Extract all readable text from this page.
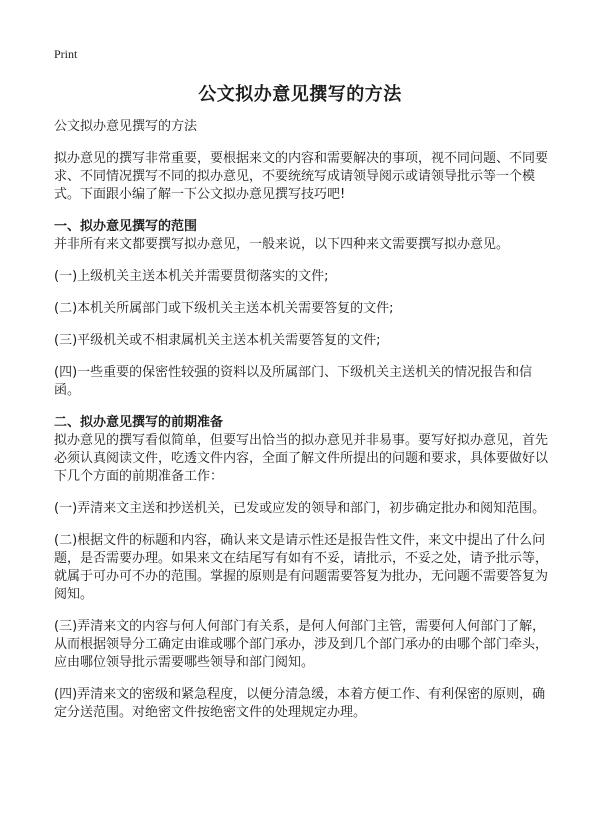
Print
公文拟办意见撰写的方法

公文拟办意见撰写的方法

拟办意见的撰写非常重要，要根据来文的内容和需要解决的事项，视不同问题、不同要求、不同情况撰写不同的拟办意见，不要统统写成请领导阅示或请领导批示等一个模式。下面跟小编了解一下公文拟办意见撰写技巧吧!

一、拟办意见撰写的范围

并非所有来文都要撰写拟办意见，一般来说，以下四种来文需要撰写拟办意见。

(一)上级机关主送本机关并需要贯彻落实的文件;

(二)本机关所属部门或下级机关主送本机关需要答复的文件;

(三)平级机关或不相隶属机关主送本机关需要答复的文件;

(四)一些重要的保密性较强的资料以及所属部门、下级机关主送机关的情况报告和信函。

二、拟办意见撰写的前期准备

拟办意见的撰写看似简单，但要写出恰当的拟办意见并非易事。要写好拟办意见，首先必须认真阅读文件，吃透文件内容，全面了解文件所提出的问题和要求，具体要做好以下几个方面的前期准备工作：

(一)弄清来文主送和抄送机关，已发或应发的领导和部门，初步确定批办和阅知范围。

(二)根据文件的标题和内容，确认来文是请示性还是报告性文件，来文中提出了什么问题，是否需要办理。如果来文在结尾写有如有不妥，请批示，不妥之处，请予批示等，就属于可办可不办的范围。掌握的原则是有问题需要答复为批办，无问题不需要答复为阅知。

(三)弄清来文的内容与何人何部门有关系，是何人何部门主管，需要何人何部门了解，从而根据领导分工确定由谁或哪个部门承办，涉及到几个部门承办的由哪个部门牵头，应由哪位领导批示需要哪些领导和部门阅知。

(四)弄清来文的密级和紧急程度，以便分清急缓，本着方便工作、有利保密的原则，确定分送范围。对绝密文件按绝密文件的处理规定办理。
